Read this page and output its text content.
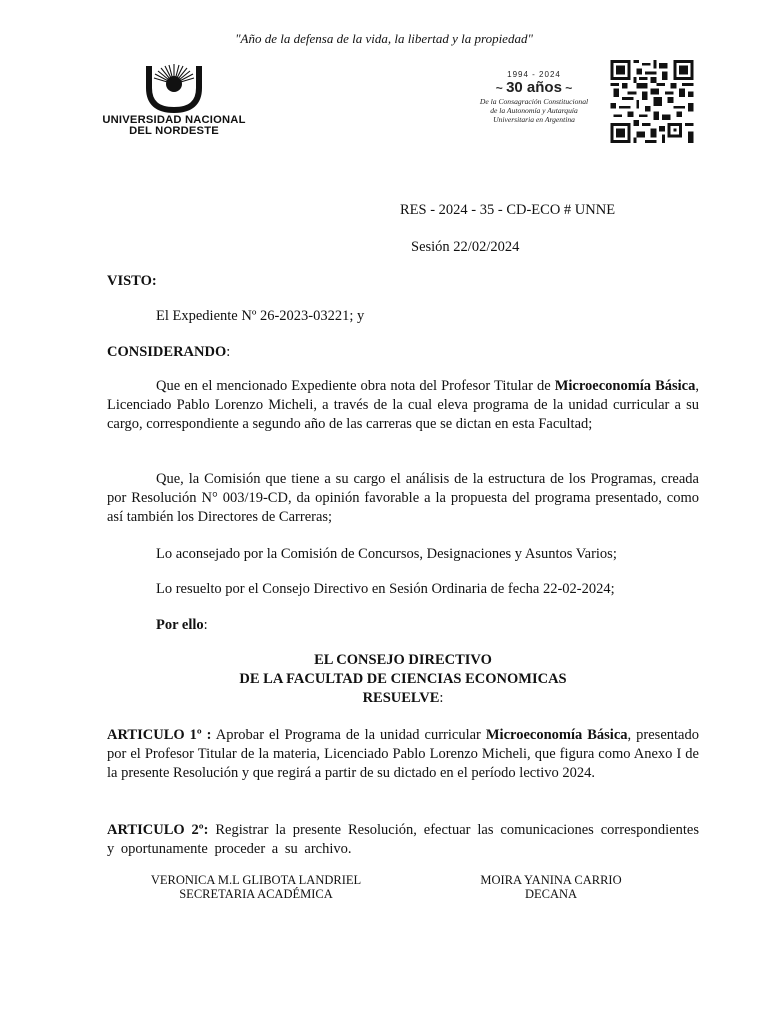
"Año de la defensa de la vida, la libertad y la propiedad"
UNIVERSIDAD NACIONAL
DEL NORDESTE
1994 - 2024
~ 30 años ~
De la Consagración Constitucional
de la Autonomía y Autarquía
Universitaria en Argentina
RES - 2024 - 35 - CD-ECO # UNNE
Sesión 22/02/2024
VISTO:
El Expediente Nº 26-2023-03221; y
CONSIDERANDO:
Que en el mencionado Expediente obra nota del Profesor Titular de Microeconomía Básica, Licenciado Pablo Lorenzo Micheli, a través de la cual eleva programa de la unidad curricular a su cargo, correspondiente a segundo año de las carreras que se dictan en esta Facultad;
Que, la Comisión que tiene a su cargo el análisis de la estructura de los Programas, creada por Resolución N° 003/19-CD, da opinión favorable a la propuesta del programa presentado, como así también los Directores de Carreras;
Lo aconsejado por la Comisión de Concursos, Designaciones y Asuntos Varios;
Lo resuelto por el Consejo Directivo en Sesión Ordinaria de fecha 22-02-2024;
Por ello:
EL CONSEJO DIRECTIVO
DE LA FACULTAD DE CIENCIAS ECONOMICAS
RESUELVE:
ARTICULO 1º : Aprobar el Programa de la unidad curricular Microeconomía Básica, presentado por el Profesor Titular de la materia, Licenciado Pablo Lorenzo Micheli, que figura como Anexo I de la presente Resolución y que regirá a partir de su dictado en el período lectivo 2024.
ARTICULO 2º: Registrar la presente Resolución, efectuar las comunicaciones correspondientes y oportunamente proceder a su archivo.
VERONICA M.L GLIBOTA LANDRIEL
SECRETARIA ACADÉMICA
MOIRA YANINA CARRIO
DECANA
